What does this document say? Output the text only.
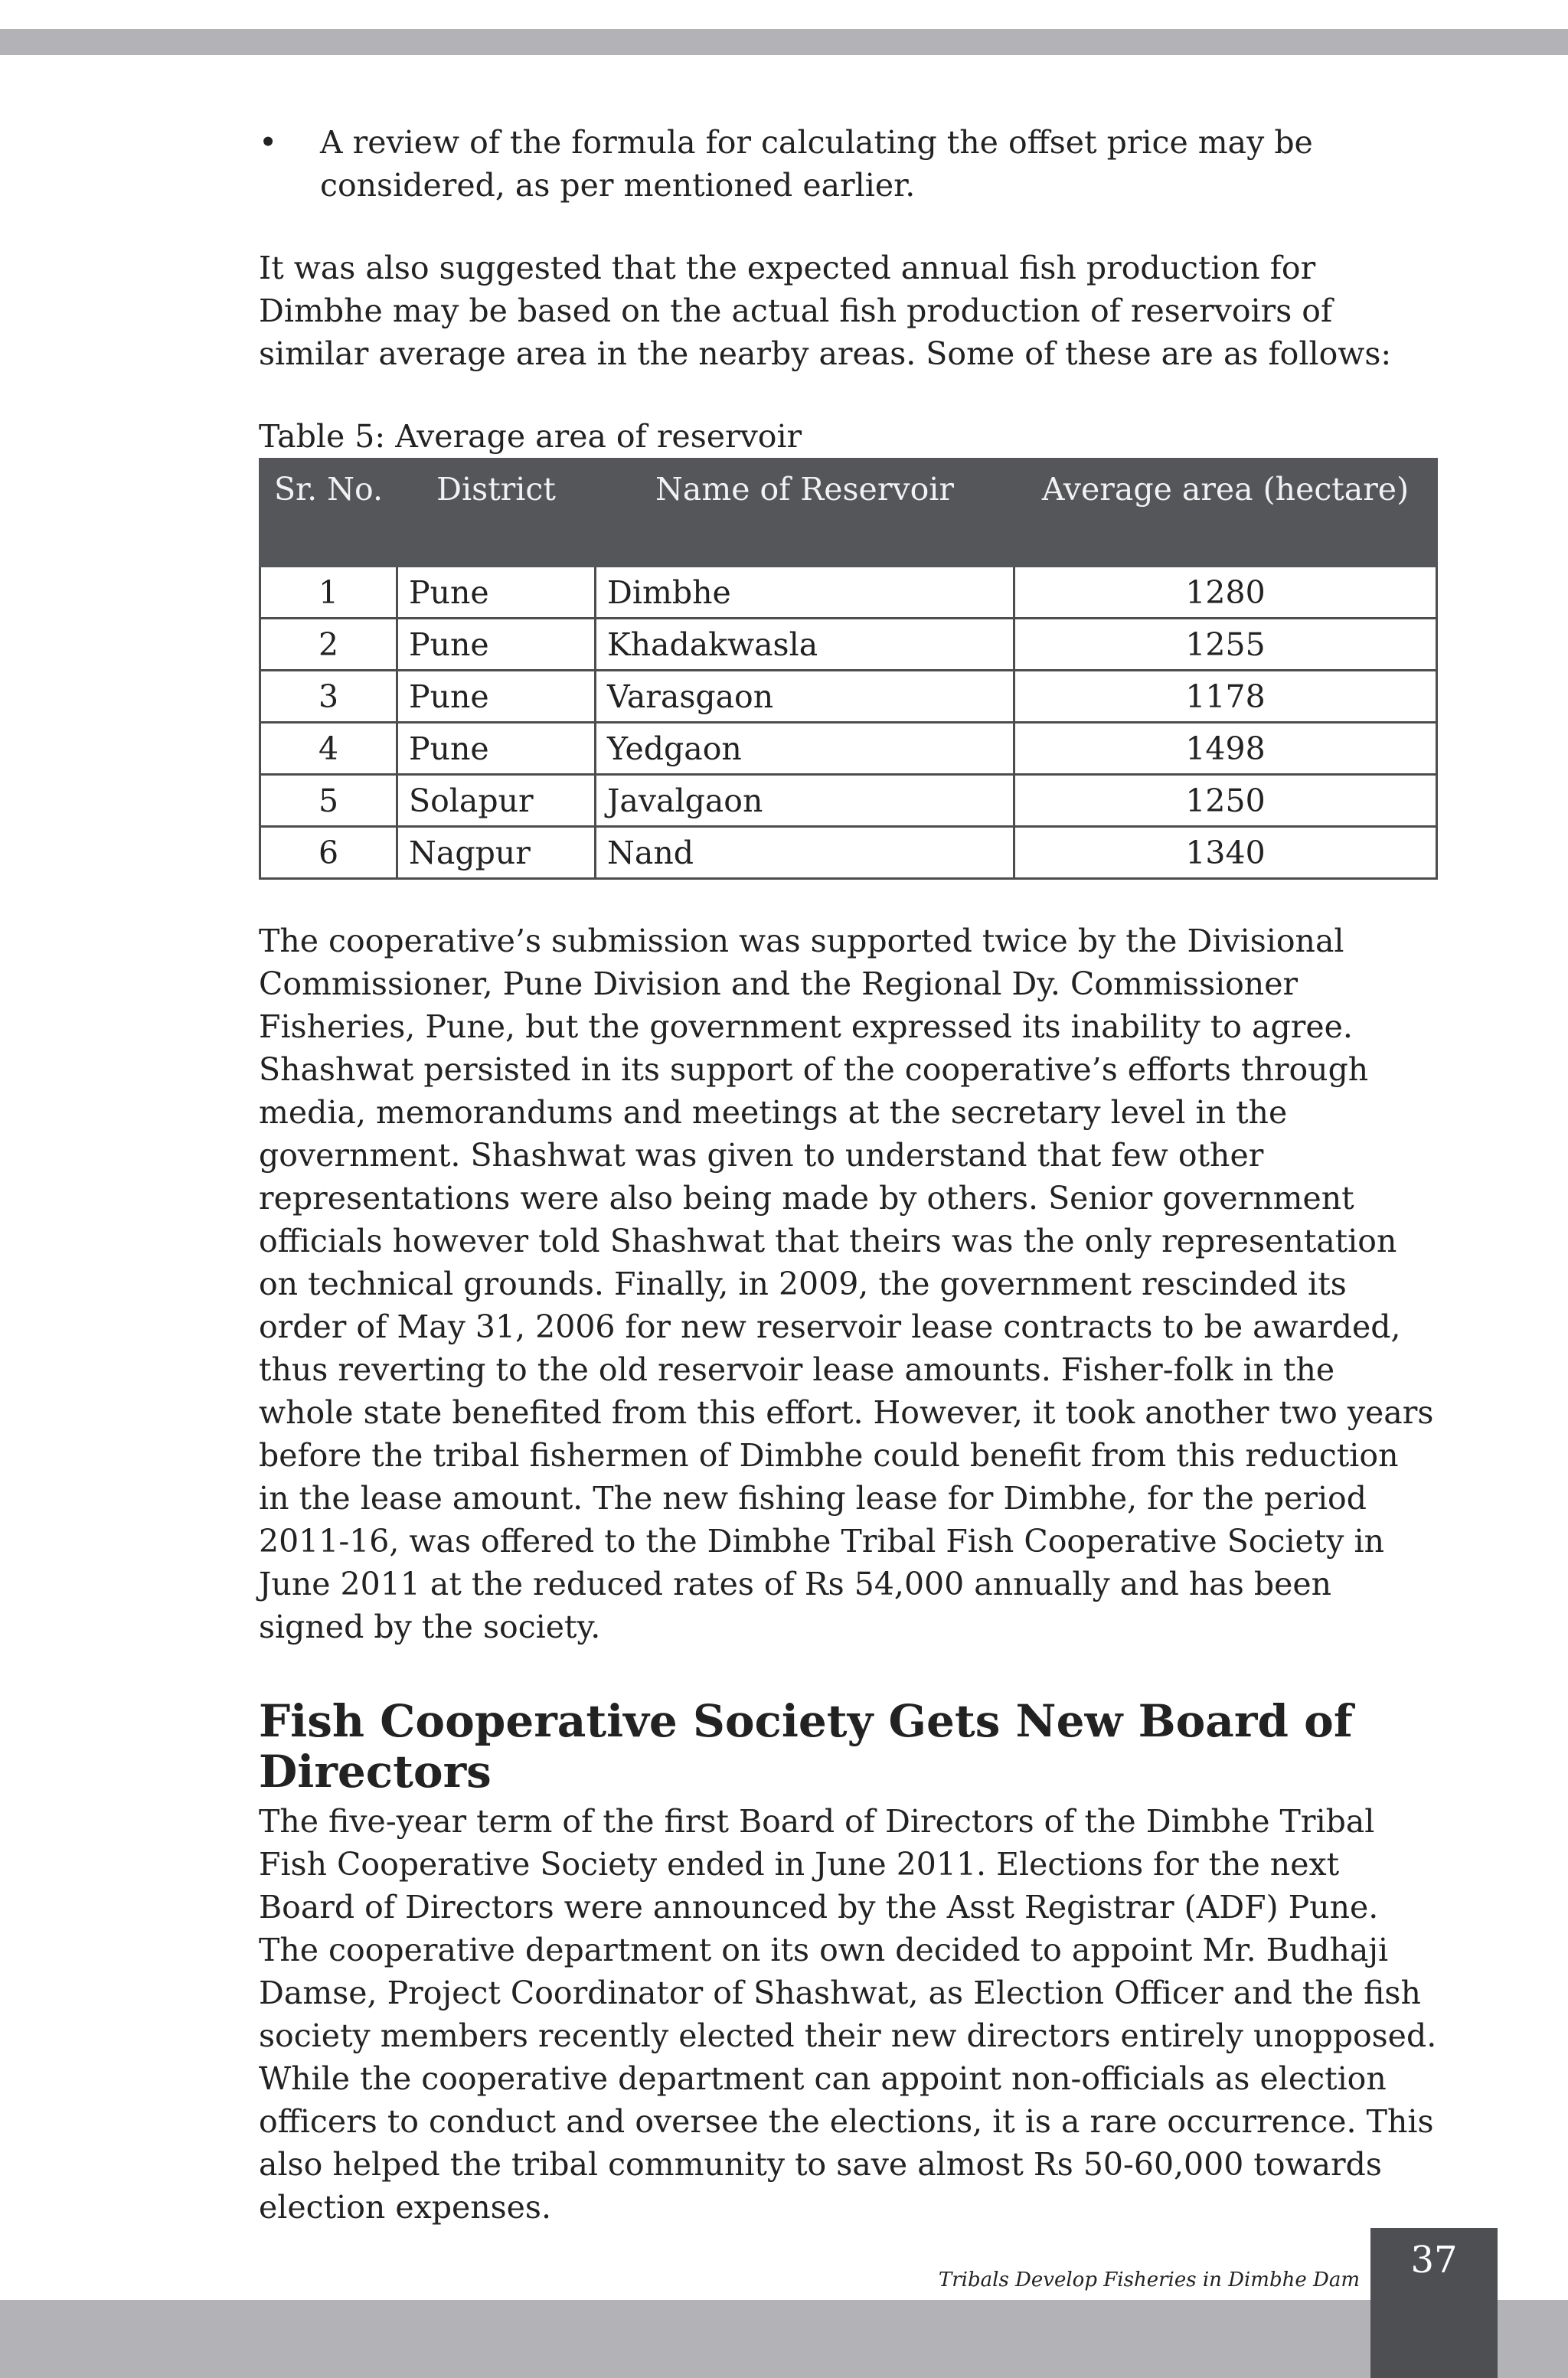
• A review of the formula for calculating the offset price may be considered, as per mentioned earlier.

It was also suggested that the expected annual fish production for Dimbhe may be based on the actual fish production of reservoirs of similar average area in the nearby areas. Some of these are as follows:

Table 5: Average area of reservoir
Sr. No.	District	Name of Reservoir	Average area (hectare)
1	Pune	Dimbhe	1280
2	Pune	Khadakwasla	1255
3	Pune	Varasgaon	1178
4	Pune	Yedgaon	1498
5	Solapur	Javalgaon	1250
6	Nagpur	Nand	1340

The cooperative’s submission was supported twice by the Divisional Commissioner, Pune Division and the Regional Dy. Commissioner Fisheries, Pune, but the government expressed its inability to agree. Shashwat persisted in its support of the cooperative’s efforts through media, memorandums and meetings at the secretary level in the government. Shashwat was given to understand that few other representations were also being made by others. Senior government officials however told Shashwat that theirs was the only representation on technical grounds. Finally, in 2009, the government rescinded its order of May 31, 2006 for new reservoir lease contracts to be awarded, thus reverting to the old reservoir lease amounts. Fisher-folk in the whole state benefited from this effort. However, it took another two years before the tribal fishermen of Dimbhe could benefit from this reduction in the lease amount. The new fishing lease for Dimbhe, for the period 2011-16, was offered to the Dimbhe Tribal Fish Cooperative Society in June 2011 at the reduced rates of Rs 54,000 annually and has been signed by the society.

Fish Cooperative Society Gets New Board of Directors

The five-year term of the first Board of Directors of the Dimbhe Tribal Fish Cooperative Society ended in June 2011. Elections for the next Board of Directors were announced by the Asst Registrar (ADF) Pune. The cooperative department on its own decided to appoint Mr. Budhaji Damse, Project Coordinator of Shashwat, as Election Officer and the fish society members recently elected their new directors entirely unopposed. While the cooperative department can appoint non-officials as election officers to conduct and oversee the elections, it is a rare occurrence. This also helped the tribal community to save almost Rs 50-60,000 towards election expenses.

Tribals Develop Fisheries in Dimbhe Dam	37
